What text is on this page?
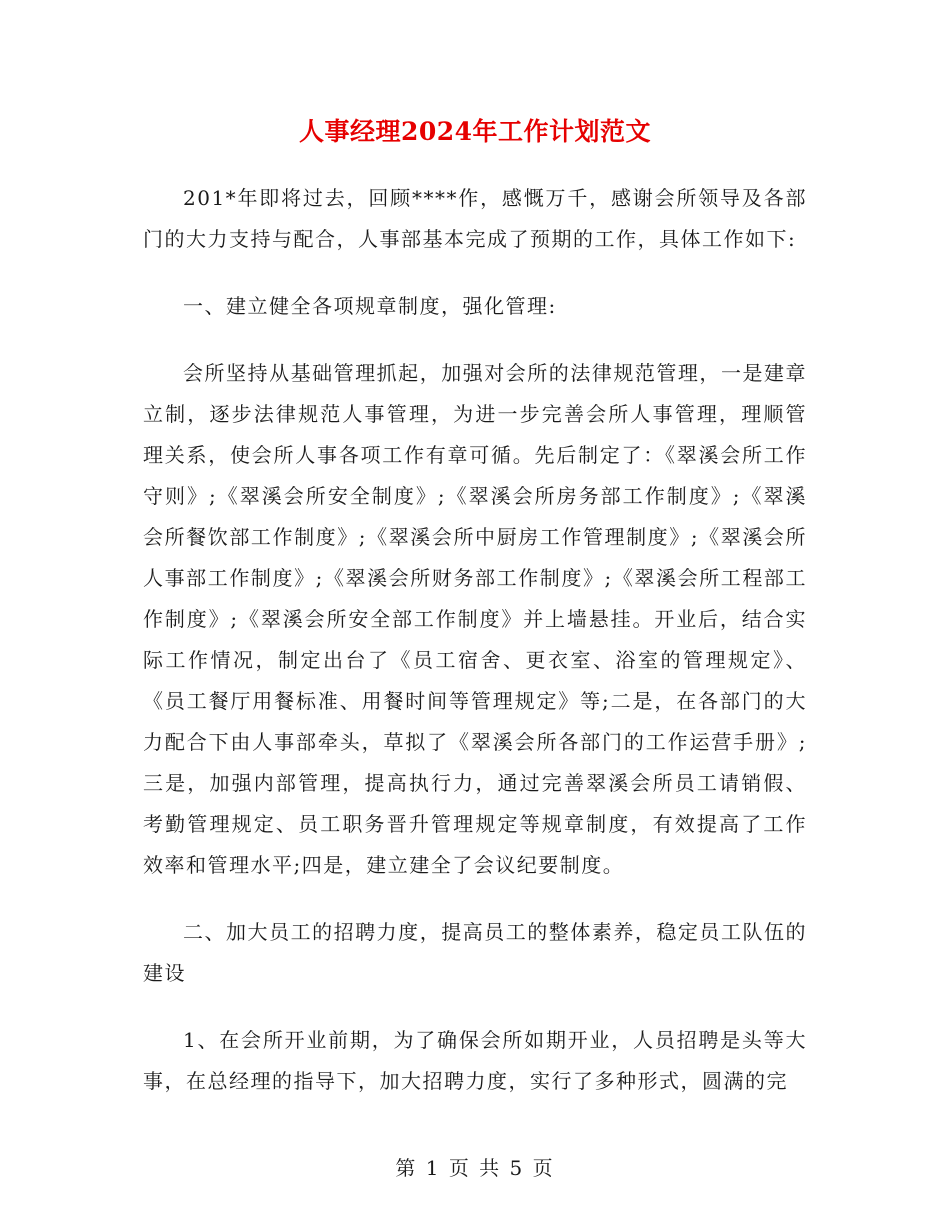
人事经理2024年工作计划范文

201*年即将过去，回顾****作，感慨万千，感谢会所领导及各部门的大力支持与配合，人事部基本完成了预期的工作，具体工作如下:

一、建立健全各项规章制度，强化管理:

会所坚持从基础管理抓起，加强对会所的法律规范管理，一是建章立制，逐步法律规范人事管理，为进一步完善会所人事管理，理顺管理关系，使会所人事各项工作有章可循。先后制定了：《翠溪会所工作守则》;《翠溪会所安全制度》;《翠溪会所房务部工作制度》;《翠溪会所餐饮部工作制度》;《翠溪会所中厨房工作管理制度》;《翠溪会所人事部工作制度》;《翠溪会所财务部工作制度》;《翠溪会所工程部工作制度》;《翠溪会所安全部工作制度》并上墙悬挂。开业后，结合实际工作情况，制定出台了《员工宿舍、更衣室、浴室的管理规定》、《员工餐厅用餐标准、用餐时间等管理规定》等;二是，在各部门的大力配合下由人事部牵头，草拟了《翠溪会所各部门的工作运营手册》;三是，加强内部管理，提高执行力，通过完善翠溪会所员工请销假、考勤管理规定、员工职务晋升管理规定等规章制度，有效提高了工作效率和管理水平;四是，建立建全了会议纪要制度。

二、加大员工的招聘力度，提高员工的整体素养，稳定员工队伍的建设

1、在会所开业前期，为了确保会所如期开业，人员招聘是头等大事，在总经理的指导下，加大招聘力度，实行了多种形式，圆满的完

第 1 页 共 5 页
